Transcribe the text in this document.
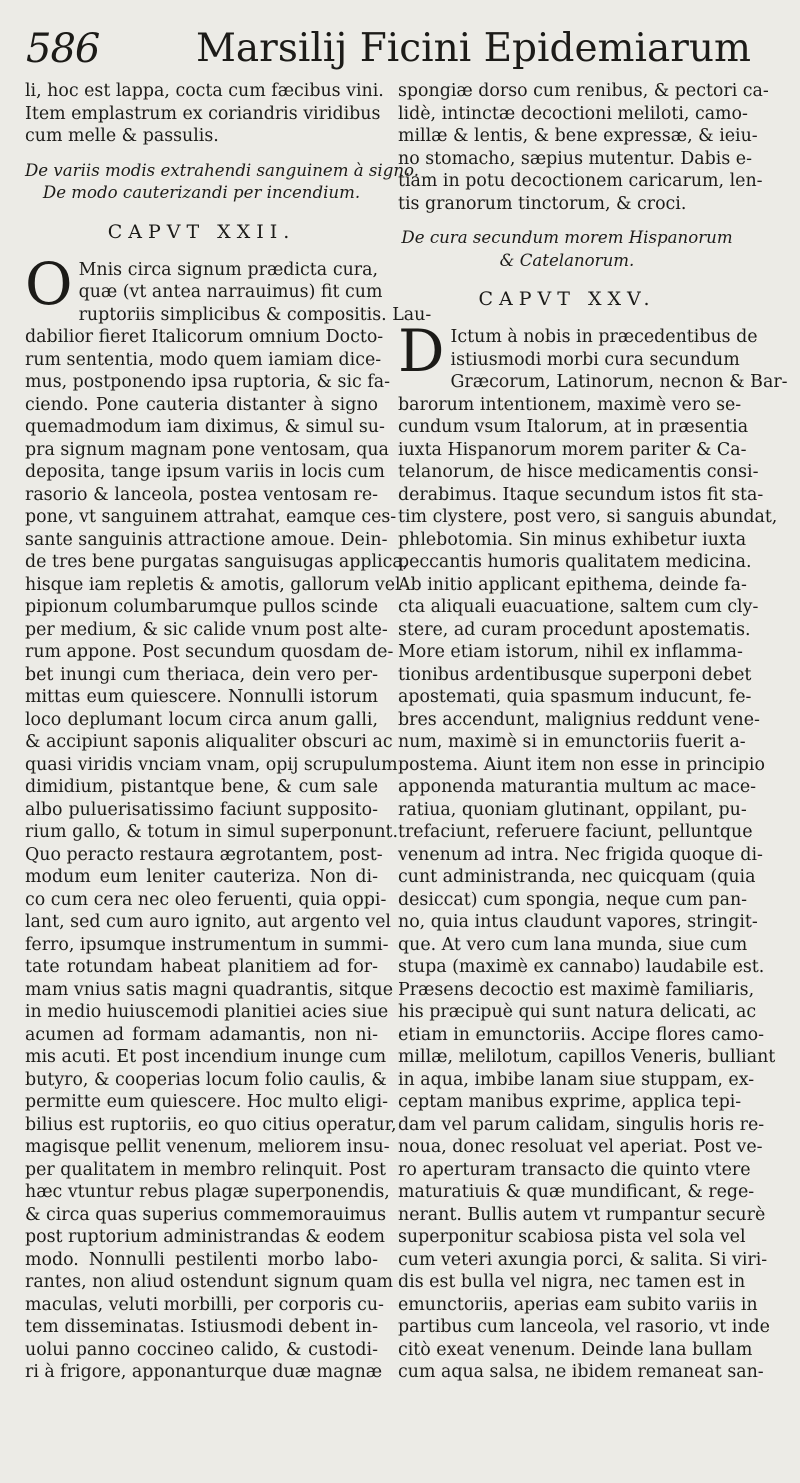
586 Marsilij Ficini Epidemiarum
li, hoc est lappa, cocta cum fæcibus vini.
Item emplastrum ex coriandris viridibus
cum melle & passulis.
De variis modis extrahendi sanguinem à signo.
De modo cauterizandi per incendium.
CAPVT XXII.
O Mnis circa signum prædicta cura,
quæ (vt antea narrauimus) fit cum
ruptoriis simplicibus & compositis. Lau-
dabilior fieret Italicorum omnium Docto-
rum sententia, modo quem iamiam dice-
mus, postponendo ipsa ruptoria, & sic fa-
ciendo. Pone cauteria distanter à signo
quemadmodum iam diximus, & simul su-
pra signum magnam pone ventosam, qua
deposita, tange ipsum variis in locis cum
rasorio & lanceola, postea ventosam re-
pone, vt sanguinem attrahat, eamque ces-
sante sanguinis attractione amoue. Dein-
de tres bene purgatas sanguisugas applica,
hisque iam repletis & amotis, gallorum vel
pipionum columbarumque pullos scinde
per medium, & sic calide vnum post alte-
rum appone. Post secundum quosdam de-
bet inungi cum theriaca, dein vero per-
mittas eum quiescere. Nonnulli istorum
loco deplumant locum circa anum galli,
& accipiunt saponis aliqualiter obscuri ac
quasi viridis vnciam vnam, opij scrupulum
dimidium, pistantque bene, & cum sale
albo puluerisatissimo faciunt supposito-
rium gallo, & totum in simul superponunt.
Quo peracto restaura ægrotantem, post-
modum eum leniter cauteriza. Non di-
co cum cera nec oleo feruenti, quia oppi-
lant, sed cum auro ignito, aut argento vel
ferro, ipsumque instrumentum in summi-
tate rotundam habeat planitiem ad for-
mam vnius satis magni quadrantis, sitque
in medio huiuscemodi planitiei acies siue
acumen ad formam adamantis, non ni-
mis acuti. Et post incendium inunge cum
butyro, & cooperias locum folio caulis, &
permitte eum quiescere. Hoc multo eligi-
bilius est ruptoriis, eo quo citius operatur,
magisque pellit venenum, meliorem insu-
per qualitatem in membro relinquit. Post
hæc vtuntur rebus plagæ superponendis,
& circa quas superius commemorauimus
post ruptorium administrandas & eodem
modo. Nonnulli pestilenti morbo labo-
rantes, non aliud ostendunt signum quam
maculas, veluti morbilli, per corporis cu-
tem disseminatas. Istiusmodi debent in-
uolui panno coccineo calido, & custodi-
ri à frigore, apponanturque duæ magnæ
spongiæ dorso cum renibus, & pectori ca-
lidè, intinctæ decoctioni meliloti, camo-
millæ & lentis, & bene expressæ, & ieiu-
no stomacho, sæpius mutentur. Dabis e-
tiam in potu decoctionem caricarum, len-
tis granorum tinctorum, & croci.
De cura secundum morem Hispanorum
& Catelanorum.
CAPVT XXV.
D Ictum à nobis in præcedentibus de
istiusmodi morbi cura secundum
Græcorum, Latinorum, necnon & Bar-
barorum intentionem, maximè vero se-
cundum vsum Italorum, at in præsentia
iuxta Hispanorum morem pariter & Ca-
telanorum, de hisce medicamentis consi-
derabimus. Itaque secundum istos fit sta-
tim clystere, post vero, si sanguis abundat,
phlebotomia. Sin minus exhibetur iuxta
peccantis humoris qualitatem medicina.
Ab initio applicant epithema, deinde fa-
cta aliquali euacuatione, saltem cum cly-
stere, ad curam procedunt apostematis.
More etiam istorum, nihil ex inflamma-
tionibus ardentibusque superponi debet
apostemati, quia spasmum inducunt, fe-
bres accendunt, malignius reddunt vene-
num, maximè si in emunctoriis fuerit a-
postema. Aiunt item non esse in principio
apponenda maturantia multum ac mace-
ratiua, quoniam glutinant, oppilant, pu-
trefaciunt, referuere faciunt, pelluntque
venenum ad intra. Nec frigida quoque di-
cunt administranda, nec quicquam (quia
desiccat) cum spongia, neque cum pan-
no, quia intus claudunt vapores, stringit-
que. At vero cum lana munda, siue cum
stupa (maximè ex cannabo) laudabile est.
Præsens decoctio est maximè familiaris,
his præcipuè qui sunt natura delicati, ac
etiam in emunctoriis. Accipe flores camo-
millæ, melilotum, capillos Veneris, bulliant
in aqua, imbibe lanam siue stuppam, ex-
ceptam manibus exprime, applica tepi-
dam vel parum calidam, singulis horis re-
noua, donec resoluat vel aperiat. Post ve-
ro aperturam transacto die quinto vtere
maturatiuis & quæ mundificant, & rege-
nerant. Bullis autem vt rumpantur securè
superponitur scabiosa pista vel sola vel
cum veteri axungia porci, & salita. Si viri-
dis est bulla vel nigra, nec tamen est in
emunctoriis, aperias eam subito variis in
partibus cum lanceola, vel rasorio, vt inde
citò exeat venenum. Deinde lana bullam
cum aqua salsa, ne ibidem remaneat san-
